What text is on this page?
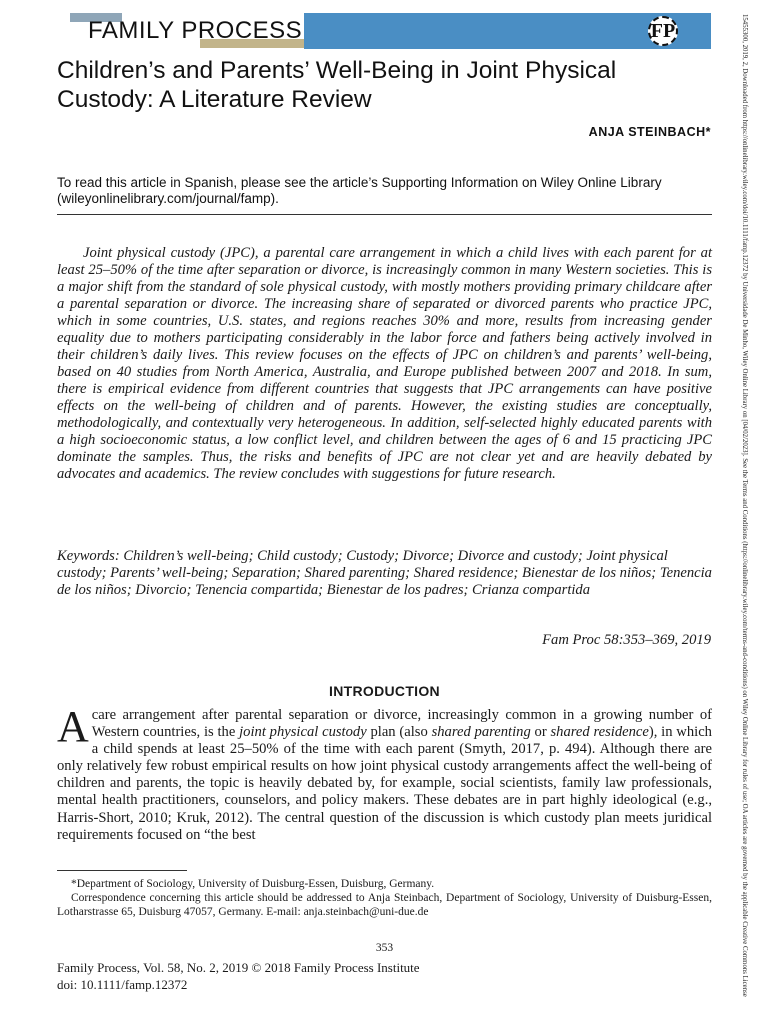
FAMILY PROCESS	FP
Children’s and Parents’ Well-Being in Joint Physical Custody: A Literature Review
ANJA STEINBACH*
To read this article in Spanish, please see the article’s Supporting Information on Wiley Online Library (wileyonlinelibrary.com/journal/famp).

Joint physical custody (JPC), a parental care arrangement in which a child lives with each parent for at least 25–50% of the time after separation or divorce, is increasingly common in many Western societies. This is a major shift from the standard of sole physical custody, with mostly mothers providing primary childcare after a parental separation or divorce. The increasing share of separated or divorced parents who practice JPC, which in some countries, U.S. states, and regions reaches 30% and more, results from increasing gender equality due to mothers participating considerably in the labor force and fathers being actively involved in their children’s daily lives. This review focuses on the effects of JPC on children’s and parents’ well-being, based on 40 studies from North America, Australia, and Europe published between 2007 and 2018. In sum, there is empirical evidence from different countries that suggests that JPC arrangements can have positive effects on the well-being of children and of parents. However, the existing studies are conceptually, methodologically, and contextually very heterogeneous. In addition, self-selected highly educated parents with a high socioeconomic status, a low conflict level, and children between the ages of 6 and 15 practicing JPC dominate the samples. Thus, the risks and benefits of JPC are not clear yet and are heavily debated by advocates and academics. The review concludes with suggestions for future research.

Keywords: Children’s well-being; Child custody; Custody; Divorce; Divorce and custody; Joint physical custody; Parents’ well-being; Separation; Shared parenting; Shared residence; Bienestar de los niños; Tenencia de los niños; Divorcio; Tenencia compartida; Bienestar de los padres; Crianza compartida

Fam Proc 58:353–369, 2019
INTRODUCTION

A care arrangement after parental separation or divorce, increasingly common in a growing number of Western countries, is the joint physical custody plan (also shared parenting or shared residence), in which a child spends at least 25–50% of the time with each parent (Smyth, 2017, p. 494). Although there are only relatively few robust empirical results on how joint physical custody arrangements affect the well-being of children and parents, the topic is heavily debated by, for example, social scientists, family law professionals, mental health practitioners, counselors, and policy makers. These debates are in part highly ideological (e.g., Harris-Short, 2010; Kruk, 2012). The central question of the discussion is which custody plan meets juridical requirements focused on “the best

*Department of Sociology, University of Duisburg-Essen, Duisburg, Germany.

Correspondence concerning this article should be addressed to Anja Steinbach, Department of Sociology, University of Duisburg-Essen, Lotharstrasse 65, Duisburg 47057, Germany. E-mail: anja.steinbach@uni-due.de

353
Family Process, Vol. 58, No. 2, 2019 © 2018 Family Process Institute
doi: 10.1111/famp.12372	15455300, 2019, 2, Downloaded from https://onlinelibrary.wiley.com/doi/10.1111/famp.12372 by Universidade De Minho, Wiley Online Library on [04/02/2023]. See the Terms and Conditions (https://onlinelibrary.wiley.com/terms-and-conditions) on Wiley Online Library for rules of use; OA articles are governed by the applicable Creative Commons License
